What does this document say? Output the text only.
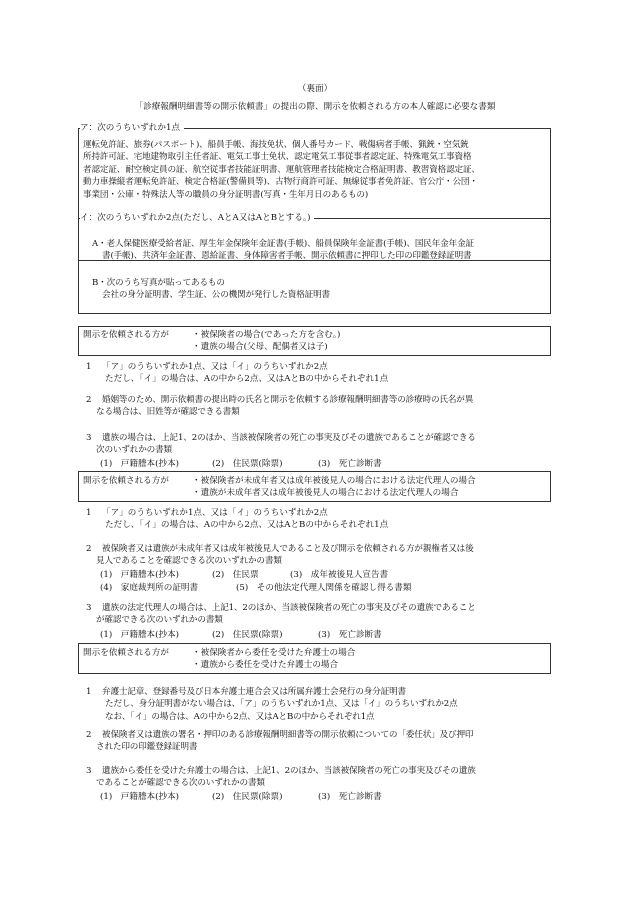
（裏面）
「診療報酬明細書等の開示依頼書」の提出の際、開示を依頼される方の本人確認に必要な書類
ア：次のうちいずれか1点
運転免許証、旅券(パスポート)、船員手帳、海技免状、個人番号カード、戦傷病者手帳、猟銃・空気銃
所持許可証、宅地建物取引主任者証、電気工事士免状、認定電気工事従事者認定証、特殊電気工事資格
者認定証、耐空検定員の証、航空従事者技能証明書、運航管理者技能検定合格証明書、教習資格認定証、
動力車操縦者運転免許証、検定合格証(警備員等)、古物行商許可証、無線従事者免許証、官公庁・公団・
事業団・公庫・特殊法人等の職員の身分証明書(写真・生年月日のあるもの)
イ：次のうちいずれか2点(ただし、AとA又はAとBとする。)
A・老人保健医療受給者証、厚生年金保険年金証書(手帳)、船員保険年金証書(手帳)、国民年金年金証
書(手帳)、共済年金証書、恩給証書、身体障害者手帳、開示依頼書に押印した印の印鑑登録証明書
B・次のうち写真が貼ってあるもの
会社の身分証明書、学生証、公の機関が発行した資格証明書
開示を依頼される方が	・被保険者の場合(であった方を含む。)
・遺族の場合(父母、配偶者又は子)
1 「ア」のうちいずれか1点、又は「イ」のうちいずれか2点
ただし、「イ」の場合は、Aの中から2点、又はAとBの中からそれぞれ1点
2 婚姻等のため、開示依頼書の提出時の氏名と開示を依頼する診療報酬明細書等の診療時の氏名が異
なる場合は、旧姓等が確認できる書類
3 遺族の場合は、上記1、2のほか、当該被保険者の死亡の事実及びその遺族であることが確認できる
次のいずれかの書類
(1)　戸籍謄本(抄本)	(2)　住民票(除票)	(3)　死亡診断書
開示を依頼される方が	・被保険者が未成年者又は成年被後見人の場合における法定代理人の場合
・遺族が未成年者又は成年被後見人の場合における法定代理人の場合
1 「ア」のうちいずれか1点、又は「イ」のうちいずれか2点
ただし、「イ」の場合は、Aの中から2点、又はAとBの中からそれぞれ1点
2 被保険者又は遺族が未成年者又は成年被後見人であること及び開示を依頼される方が親権者又は後
見人であることを確認できる次のいずれかの書類
(1)　戸籍謄本(抄本)	(2)　住民票	(3)　成年被後見人宣告書
(4)　家庭裁判所の証明書	(5)　その他法定代理人関係を確認し得る書類
3 遺族の法定代理人の場合は、上記1、2のほか、当該被保険者の死亡の事実及びその遺族であること
が確認できる次のいずれかの書類
(1)　戸籍謄本(抄本)	(2)　住民票(除票)	(3)　死亡診断書
開示を依頼される方が	・被保険者から委任を受けた弁護士の場合
・遺族から委任を受けた弁護士の場合
1 弁護士記章、登録番号及び日本弁護士連合会又は所属弁護士会発行の身分証明書
ただし、身分証明書がない場合は、「ア」のうちいずれか1点、又は「イ」のうちいずれか2点
なお、「イ」の場合は、Aの中から2点、又はAとBの中からそれぞれ1点
2 被保険者又は遺族の署名・押印のある診療報酬明細書等の開示依頼についての「委任状」及び押印
された印の印鑑登録証明書
3 遺族から委任を受けた弁護士の場合は、上記1、2のほか、当該被保険者の死亡の事実及びその遺族
であることが確認できる次のいずれかの書類
(1)　戸籍謄本(抄本)	(2)　住民票(除票)	(3)　死亡診断書
